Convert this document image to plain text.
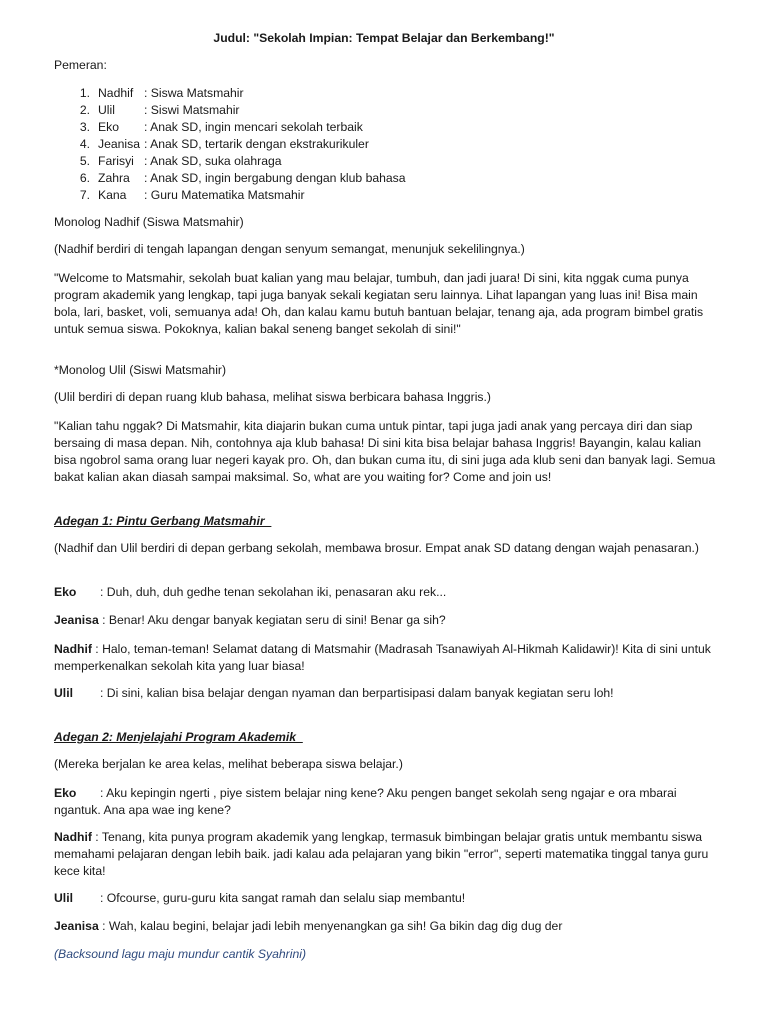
Judul: "Sekolah Impian: Tempat Belajar dan Berkembang!"
Pemeran:
1. Nadhif : Siswa Matsmahir
2. Ulil : Siswi Matsmahir
3. Eko : Anak SD, ingin mencari sekolah terbaik
4. Jeanisa : Anak SD, tertarik dengan ekstrakurikuler
5. Farisyi : Anak SD, suka olahraga
6. Zahra : Anak SD, ingin bergabung dengan klub bahasa
7. Kana : Guru Matematika Matsmahir
Monolog Nadhif (Siswa Matsmahir)
(Nadhif berdiri di tengah lapangan dengan senyum semangat, menunjuk sekelilingnya.)
"Welcome to Matsmahir, sekolah buat kalian yang mau belajar, tumbuh, dan jadi juara! Di sini, kita nggak cuma punya program akademik yang lengkap, tapi juga banyak sekali kegiatan seru lainnya. Lihat lapangan yang luas ini! Bisa main bola, lari, basket, voli, semuanya ada! Oh, dan kalau kamu butuh bantuan belajar, tenang aja, ada program bimbel gratis untuk semua siswa. Pokoknya, kalian bakal seneng banget sekolah di sini!"
*Monolog Ulil (Siswi Matsmahir)
(Ulil berdiri di depan ruang klub bahasa, melihat siswa berbicara bahasa Inggris.)
"Kalian tahu nggak? Di Matsmahir, kita diajarin bukan cuma untuk pintar, tapi juga jadi anak yang percaya diri dan siap bersaing di masa depan. Nih, contohnya aja klub bahasa! Di sini kita bisa belajar bahasa Inggris! Bayangin, kalau kalian bisa ngobrol sama orang luar negeri kayak pro. Oh, dan bukan cuma itu, di sini juga ada klub seni dan banyak lagi. Semua bakat kalian akan diasah sampai maksimal. So, what are you waiting for? Come and join us!
Adegan 1: Pintu Gerbang Matsmahir
(Nadhif dan Ulil berdiri di depan gerbang sekolah, membawa brosur. Empat anak SD datang dengan wajah penasaran.)
Eko : Duh, duh, duh gedhe tenan sekolahan iki, penasaran aku rek...
Jeanisa : Benar! Aku dengar banyak kegiatan seru di sini! Benar ga sih?
Nadhif : Halo, teman-teman! Selamat datang di Matsmahir (Madrasah Tsanawiyah Al-Hikmah Kalidawir)! Kita di sini untuk memperkenalkan sekolah kita yang luar biasa!
Ulil : Di sini, kalian bisa belajar dengan nyaman dan berpartisipasi dalam banyak kegiatan seru loh!
Adegan 2: Menjelajahi Program Akademik
(Mereka berjalan ke area kelas, melihat beberapa siswa belajar.)
Eko : Aku kepingin ngerti , piye sistem belajar ning kene? Aku pengen banget sekolah seng ngajar e ora mbarai ngantuk. Ana apa wae ing kene?
Nadhif : Tenang, kita punya program akademik yang lengkap, termasuk bimbingan belajar gratis untuk membantu siswa memahami pelajaran dengan lebih baik. jadi kalau ada pelajaran yang bikin "error", seperti matematika tinggal tanya guru kece kita!
Ulil : Ofcourse, guru-guru kita sangat ramah dan selalu siap membantu!
Jeanisa : Wah, kalau begini, belajar jadi lebih menyenangkan ga sih! Ga bikin dag dig dug der
(Backsound lagu maju mundur cantik Syahrini)
